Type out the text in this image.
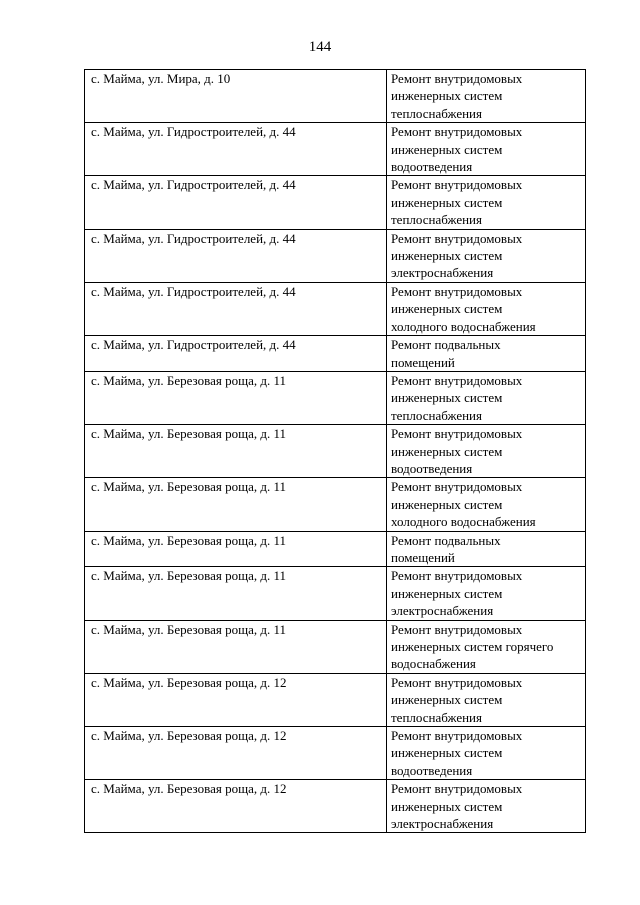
144
с. Майма, ул. Мира, д. 10	Ремонт внутридомовых
инженерных систем
теплоснабжения

с. Майма, ул. Гидростроителей, д. 44	Ремонт внутридомовых
инженерных систем
водоотведения

с. Майма, ул. Гидростроителей, д. 44	Ремонт внутридомовых
инженерных систем
теплоснабжения

с. Майма, ул. Гидростроителей, д. 44	Ремонт внутридомовых
инженерных систем
электроснабжения

с. Майма, ул. Гидростроителей, д. 44	Ремонт внутридомовых
инженерных систем
холодного водоснабжения

с. Майма, ул. Гидростроителей, д. 44	Ремонт подвальных
помещений

с. Майма, ул. Березовая роща, д. 11	Ремонт внутридомовых
инженерных систем
теплоснабжения

с. Майма, ул. Березовая роща, д. 11	Ремонт внутридомовых
инженерных систем
водоотведения

с. Майма, ул. Березовая роща, д. 11	Ремонт внутридомовых
инженерных систем
холодного водоснабжения

с. Майма, ул. Березовая роща, д. 11	Ремонт подвальных
помещений

с. Майма, ул. Березовая роща, д. 11	Ремонт внутридомовых
инженерных систем
электроснабжения

с. Майма, ул. Березовая роща, д. 11	Ремонт внутридомовых
инженерных систем горячего
водоснабжения

с. Майма, ул. Березовая роща, д. 12	Ремонт внутридомовых
инженерных систем
теплоснабжения

с. Майма, ул. Березовая роща, д. 12	Ремонт внутридомовых
инженерных систем
водоотведения

с. Майма, ул. Березовая роща, д. 12	Ремонт внутридомовых
инженерных систем
электроснабжения
